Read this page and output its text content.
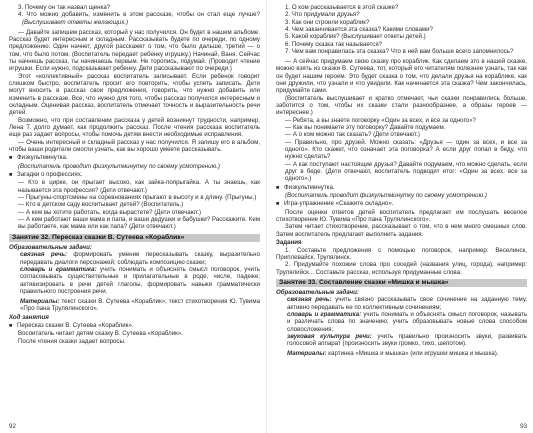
3. Почему он так назвал щенка?

4. Что можно добавить, изменить в этом рассказе, чтобы он стал еще лучше? (Выслушивает ответы желающих.)

— Давайте запишем рассказ, который у нас получился. Он будет в нашем альбоме. Рассказ будет интересным и складным. Рассказывать будете по очереди, по одному предложению. Один начнет, другой расскажет о том, что было дальше, третий — о том, что было потом. (Воспитатель передает ребенку игрушку.) Начинай, Ваня. Сейчас ты начнешь рассказ, ты начинаешь первым. Не торопись, подумай. (Проводит чтение игрушки. Если нужно, подсказывает ребенку. Дети рассказывают по очереди.)

Этот «коллективный» рассказ воспитатель записывает. Если ребенок говорит слишком быстро, воспитатель просит его повторить, чтобы успеть записать. Дети могут вносить в рассказ свои предложения, говорить, что нужно добавить или изменить в рассказе. Все, что нужно для того, чтобы рассказ получился интересным и складным. Оценивая рассказ, воспитатель отмечает точность и выразительность речи детей.

Возможно, что при составлении рассказа у детей возникнут трудности, например, Лена Т. долго думает, как продолжить рассказ. После чтения рассказа воспитатель еще раз задает вопросы, чтобы помочь детям внести необходимые исправления.

— Очень интересный и складный рассказ у нас получился. Я запишу его в альбом, чтобы ваши родители смогли узнать, как вы хорошо умеете рассказывать.

■ Физкультминутка.
(Воспитатель проводит физкультминутку по своему усмотрению.)
■ Загадки о профессиях.

— Кто в цирке, он прыгает высоко, как зайка-попрыгайка. А ты знаешь, как называется эта профессия? (Дети отвечают.)

— Прыгуны-спортсмены на соревнованиях прыгают в высоту и в длину. (Прыгуны.)

— Кто в детском саду воспитывает детей? (Воспитатель.)

— А кем вы хотите работать, когда вырастете? (Дети отвечают.)

— А кем работают ваши мама и папа, и ваши дедушки и бабушки? Расскажите. Кем вы работаете, как мама или как папа? (Дети отвечают.)

Занятие 32. Пересказ сказки В. Сутеева «Кораблик»
Образовательные задачи:

связная речь: формировать умение пересказывать сказку, выразительно передавать диалоги персонажей; соблюдать композицию сказки;

словарь и грамматика: учить понимать и объяснять смысл поговорок, учить согласовывать существительные и прилагательные в роде, числе, падеже; активизировать в речи детей глаголы, формировать навыки грамматически правильного построения речи.

Материалы: текст сказки В. Сутеева «Кораблик»; текст стихотворения Ю. Тувима «Про пана Трулялинского».

Ход занятия
■ Пересказ сказки В. Сутеева «Кораблик».

Воспитатель читает детям сказку В. Сутеева «Кораблик».

После чтения сказки задает вопросы.

92

1. О ком рассказывается в этой сказке?

2. Что придумали друзья?

3. Как они строили кораблик?

4. Чем заканчивается эта сказка? Какими словами?

5. Какой кораблик? (Выслушивает ответы детей.)

6. Почему сказка так называется?

7. Чем вам понравилась эта сказка? Что в ней вам больше всего запомнилось?

— А сейчас придумаем свою сказку про кораблик. Как сделаем это в нашей сказке, можно взять из сказки В. Сутеева, тот, который его читателям полезнее узнать, так как он будет нашим героем. Это будет сказка о том, что делали друзья на кораблике, как они дружили, что узнали и что увидели. Как начинается эта сказка? Чем закончилась, придумайте сами.

(Воспитатель выслушивает и кратко отмечает, чьи сказки понравились больше, заботится о том, чтобы их сказки стали разнообразнее, а образы героев — интереснее.)

— Ребята, а вы знаете поговорку «Один за всех, и все за одного»?

— Как вы понимаете эту поговорку? Давайте подумаем.

— А о ком можно так сказать? (Дети отвечают.)

— Правильно, про друзей. Можно сказать: «Друзья — один за всех, и все за одного». Кто скажет, что означает эта поговорка? А если друг попал в беду, что нужно сделать?

— А как поступают настоящие друзья? Давайте подумаем, что можно сделать, если друг в беде. (Дети отвечают, воспитатель подводит итог: «Один за всех, все за одного».)

■ Физкультминутка.
(Воспитатель проводит физкультминутку по своему усмотрению.)
■ Игра-упражнение «Скажите складно».

После оценки ответов детей воспитатель предлагает им послушать веселое стихотворение Ю. Тувима «Про пана Трулялинского».

Затем читает стихотворение, рассказывает о том, что в нем много смешных слов. Затем воспитатель предлагает выполнить задания.

Задания

1. Составьте предложения с помощью поговорок, например: Веселинск, Приплевайск, Трулялинск.

2. Придумайте похожие слова про соседей (названия улиц, города), например: Трулялийск... Составьте рассказ, используя придуманные слова.

Занятие 33. Составление сказки «Мишка и мышка»
Образовательные задачи:

связная речь: учить связно рассказывать свое сочинение на заданную тему, активно передавать ее по коллективным сочинениям;

словарь и грамматика: учить понимать и объяснять смысл поговорок, называть и различать слова по значению; учить образовывать новые слова способом словосложения;

звуковая культура речи: учить правильно произносить звуки, развивать голосовой аппарат (произносить звуки громко, тихо, шепотом).

Материалы: картинка «Мишка и мышка» (или игрушки мишка и мышка).

93
